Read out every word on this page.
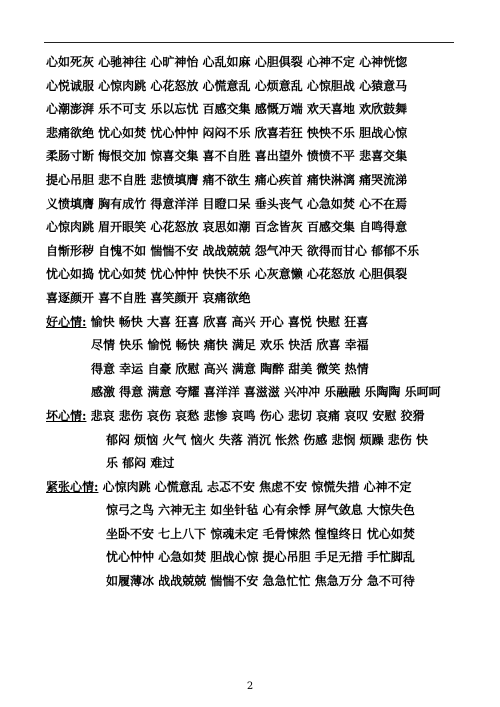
心如死灰 心驰神往 心旷神怡 心乱如麻 心胆俱裂 心神不定 心神恍惚
心悦诚服 心惊肉跳 心花怒放 心慌意乱 心烦意乱 心惊胆战 心猿意马
心潮澎湃 乐不可支 乐以忘忧 百感交集 感慨万端 欢天喜地 欢欣鼓舞
悲痛欲绝 忧心如焚 忧心忡忡 闷闷不乐 欣喜若狂 怏怏不乐 胆战心惊
柔肠寸断 悔恨交加 惊喜交集 喜不自胜 喜出望外 愤愤不平 悲喜交集
提心吊胆 悲不自胜 悲愤填膺 痛不欲生 痛心疾首 痛快淋漓 痛哭流涕
义愤填膺 胸有成竹 得意洋洋 目瞪口呆 垂头丧气 心急如焚 心不在焉
心惊肉跳 眉开眼笑 心花怒放 哀思如潮 百念皆灰 百感交集 自鸣得意
自惭形秽 自愧不如 惴惴不安 战战兢兢 怨气冲天 欲得而甘心 郁郁不乐
忧心如捣 忧心如焚 忧心忡忡 快快不乐 心灰意懒 心花怒放 心胆俱裂
喜逐颜开 喜不自胜 喜笑颜开 哀痛欲绝
好心情: 愉快 畅快 大喜 狂喜 欣喜 高兴 开心 喜悦 快慰 狂喜
尽情 快乐 愉悦 畅快 痛快 满足 欢乐 快活 欣喜 幸福
得意 幸运 自豪 欣慰 高兴 满意 陶醉 甜美 微笑 热情
感激 得意 满意 夸耀 喜洋洋 喜滋滋 兴冲冲 乐融融 乐陶陶 乐呵呵
坏心情: 悲哀 悲伤 哀伤 哀愁 悲惨 哀鸣 伤心 悲切 哀痛 哀叹 安慰 狡猾
郁闷 烦恼 火气 恼火 失落 消沉 怅然 伤感 悲悯 烦躁 悲伤 快
乐 郁闷 难过
紧张心情: 心惊肉跳 心慌意乱 忐忑不安 焦虑不安 惊慌失措 心神不定
惊弓之鸟 六神无主 如坐针毡 心有余悸 屏气敛息 大惊失色
坐卧不安 七上八下 惊魂未定 毛骨悚然 惶惶终日 忧心如焚
忧心忡忡 心急如焚 胆战心惊 提心吊胆 手足无措 手忙脚乱
如履薄冰 战战兢兢 惴惴不安 急急忙忙 焦急万分 急不可待
2
